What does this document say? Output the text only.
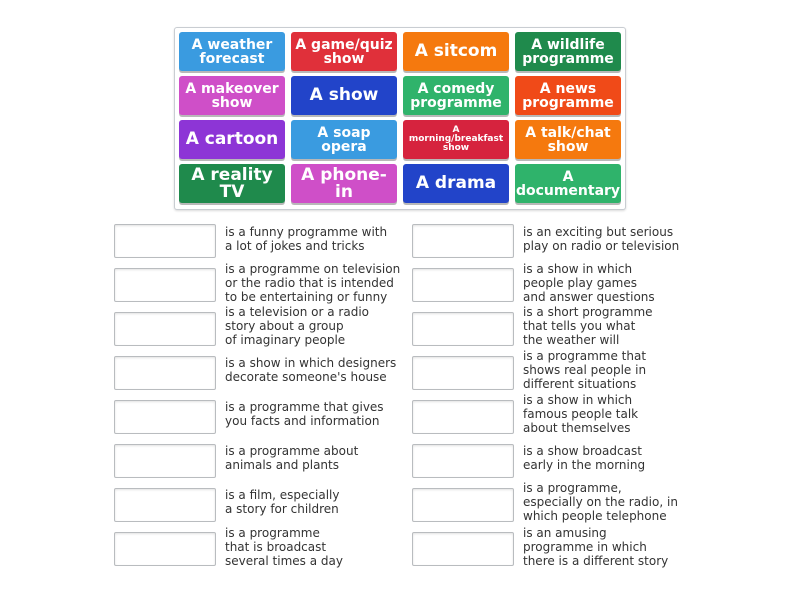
A weather forecast
A game/quiz show	A sitcom	A wildlife programme
A makeover show	A show	A comedy programme
A news programme
A cartoon	A soap opera
A morning/breakfast show
A talk/chat show
A reality TV
A phone-in	A drama	A documentary
is a funny programme with
a lot of jokes and tricks
is a programme on television
or the radio that is intended
to be entertaining or funny
is a television or a radio
story about a group
of imaginary people
is a show in which designers
decorate someone's house
is a programme that gives
you facts and information
is a programme about
animals and plants
is a film, especially
a story for children
is a programme
that is broadcast
several times a day
is an exciting but serious
play on radio or television
is a show in which
people play games
and answer questions
is a short programme
that tells you what
the weather will
is a programme that
shows real people in
different situations
is a show in which
famous people talk
about themselves
is a show broadcast
early in the morning
is a programme,
especially on the radio, in
which people telephone
is an amusing
programme in which
there is a different story
